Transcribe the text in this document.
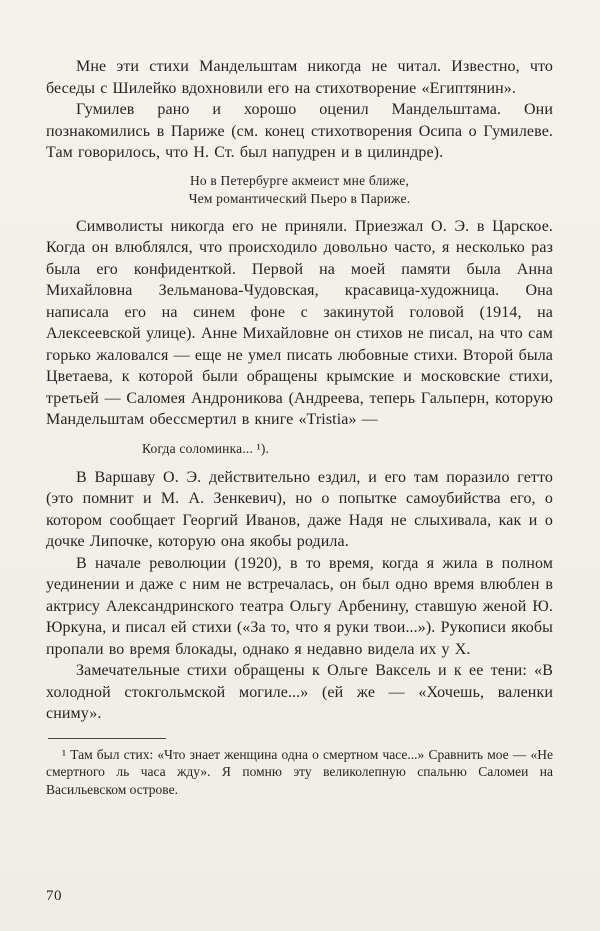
Мне эти стихи Мандельштам никогда не читал. Известно, что беседы с Шилейко вдохновили его на стихотворение «Египтянин».

Гумилев рано и хорошо оценил Мандельштама. Они познакомились в Париже (см. конец стихотворения Осипа о Гумилеве. Там говорилось, что Н. Ст. был напудрен и в цилиндре).

Но в Петербурге акмеист мне ближе,
Чем романтический Пьеро в Париже.

Символисты никогда его не приняли. Приезжал О. Э. в Царское. Когда он влюблялся, что происходило довольно часто, я несколько раз была его конфиденткой. Первой на моей памяти была Анна Михайловна Зельманова-Чудовская, красавица-художница. Она написала его на синем фоне с закинутой головой (1914, на Алексеевской улице). Анне Михайловне он стихов не писал, на что сам горько жаловался — еще не умел писать любовные стихи. Второй была Цветаева, к которой были обращены крымские и московские стихи, третьей — Саломея Андроникова (Андреева, теперь Гальперн, которую Мандельштам обессмертил в книге «Tristia» —

Когда соломинка... ¹).

В Варшаву О. Э. действительно ездил, и его там поразило гетто (это помнит и М. А. Зенкевич), но о попытке самоубийства его, о котором сообщает Георгий Иванов, даже Надя не слыхивала, как и о дочке Липочке, которую она якобы родила.

В начале революции (1920), в то время, когда я жила в полном уединении и даже с ним не встречалась, он был одно время влюблен в актрису Александринского театра Ольгу Арбенину, ставшую женой Ю. Юркуна, и писал ей стихи («За то, что я руки твои...»). Рукописи якобы пропали во время блокады, однако я недавно видела их у Х.

Замечательные стихи обращены к Ольге Ваксель и к ее тени: «В холодной стокгольмской могиле...» (ей же — «Хочешь, валенки сниму».

¹ Там был стих: «Что знает женщина одна о смертном часе...» Сравнить мое — «Не смертного ль часа жду». Я помню эту великолепную спальню Саломеи на Васильевском острове.

70
